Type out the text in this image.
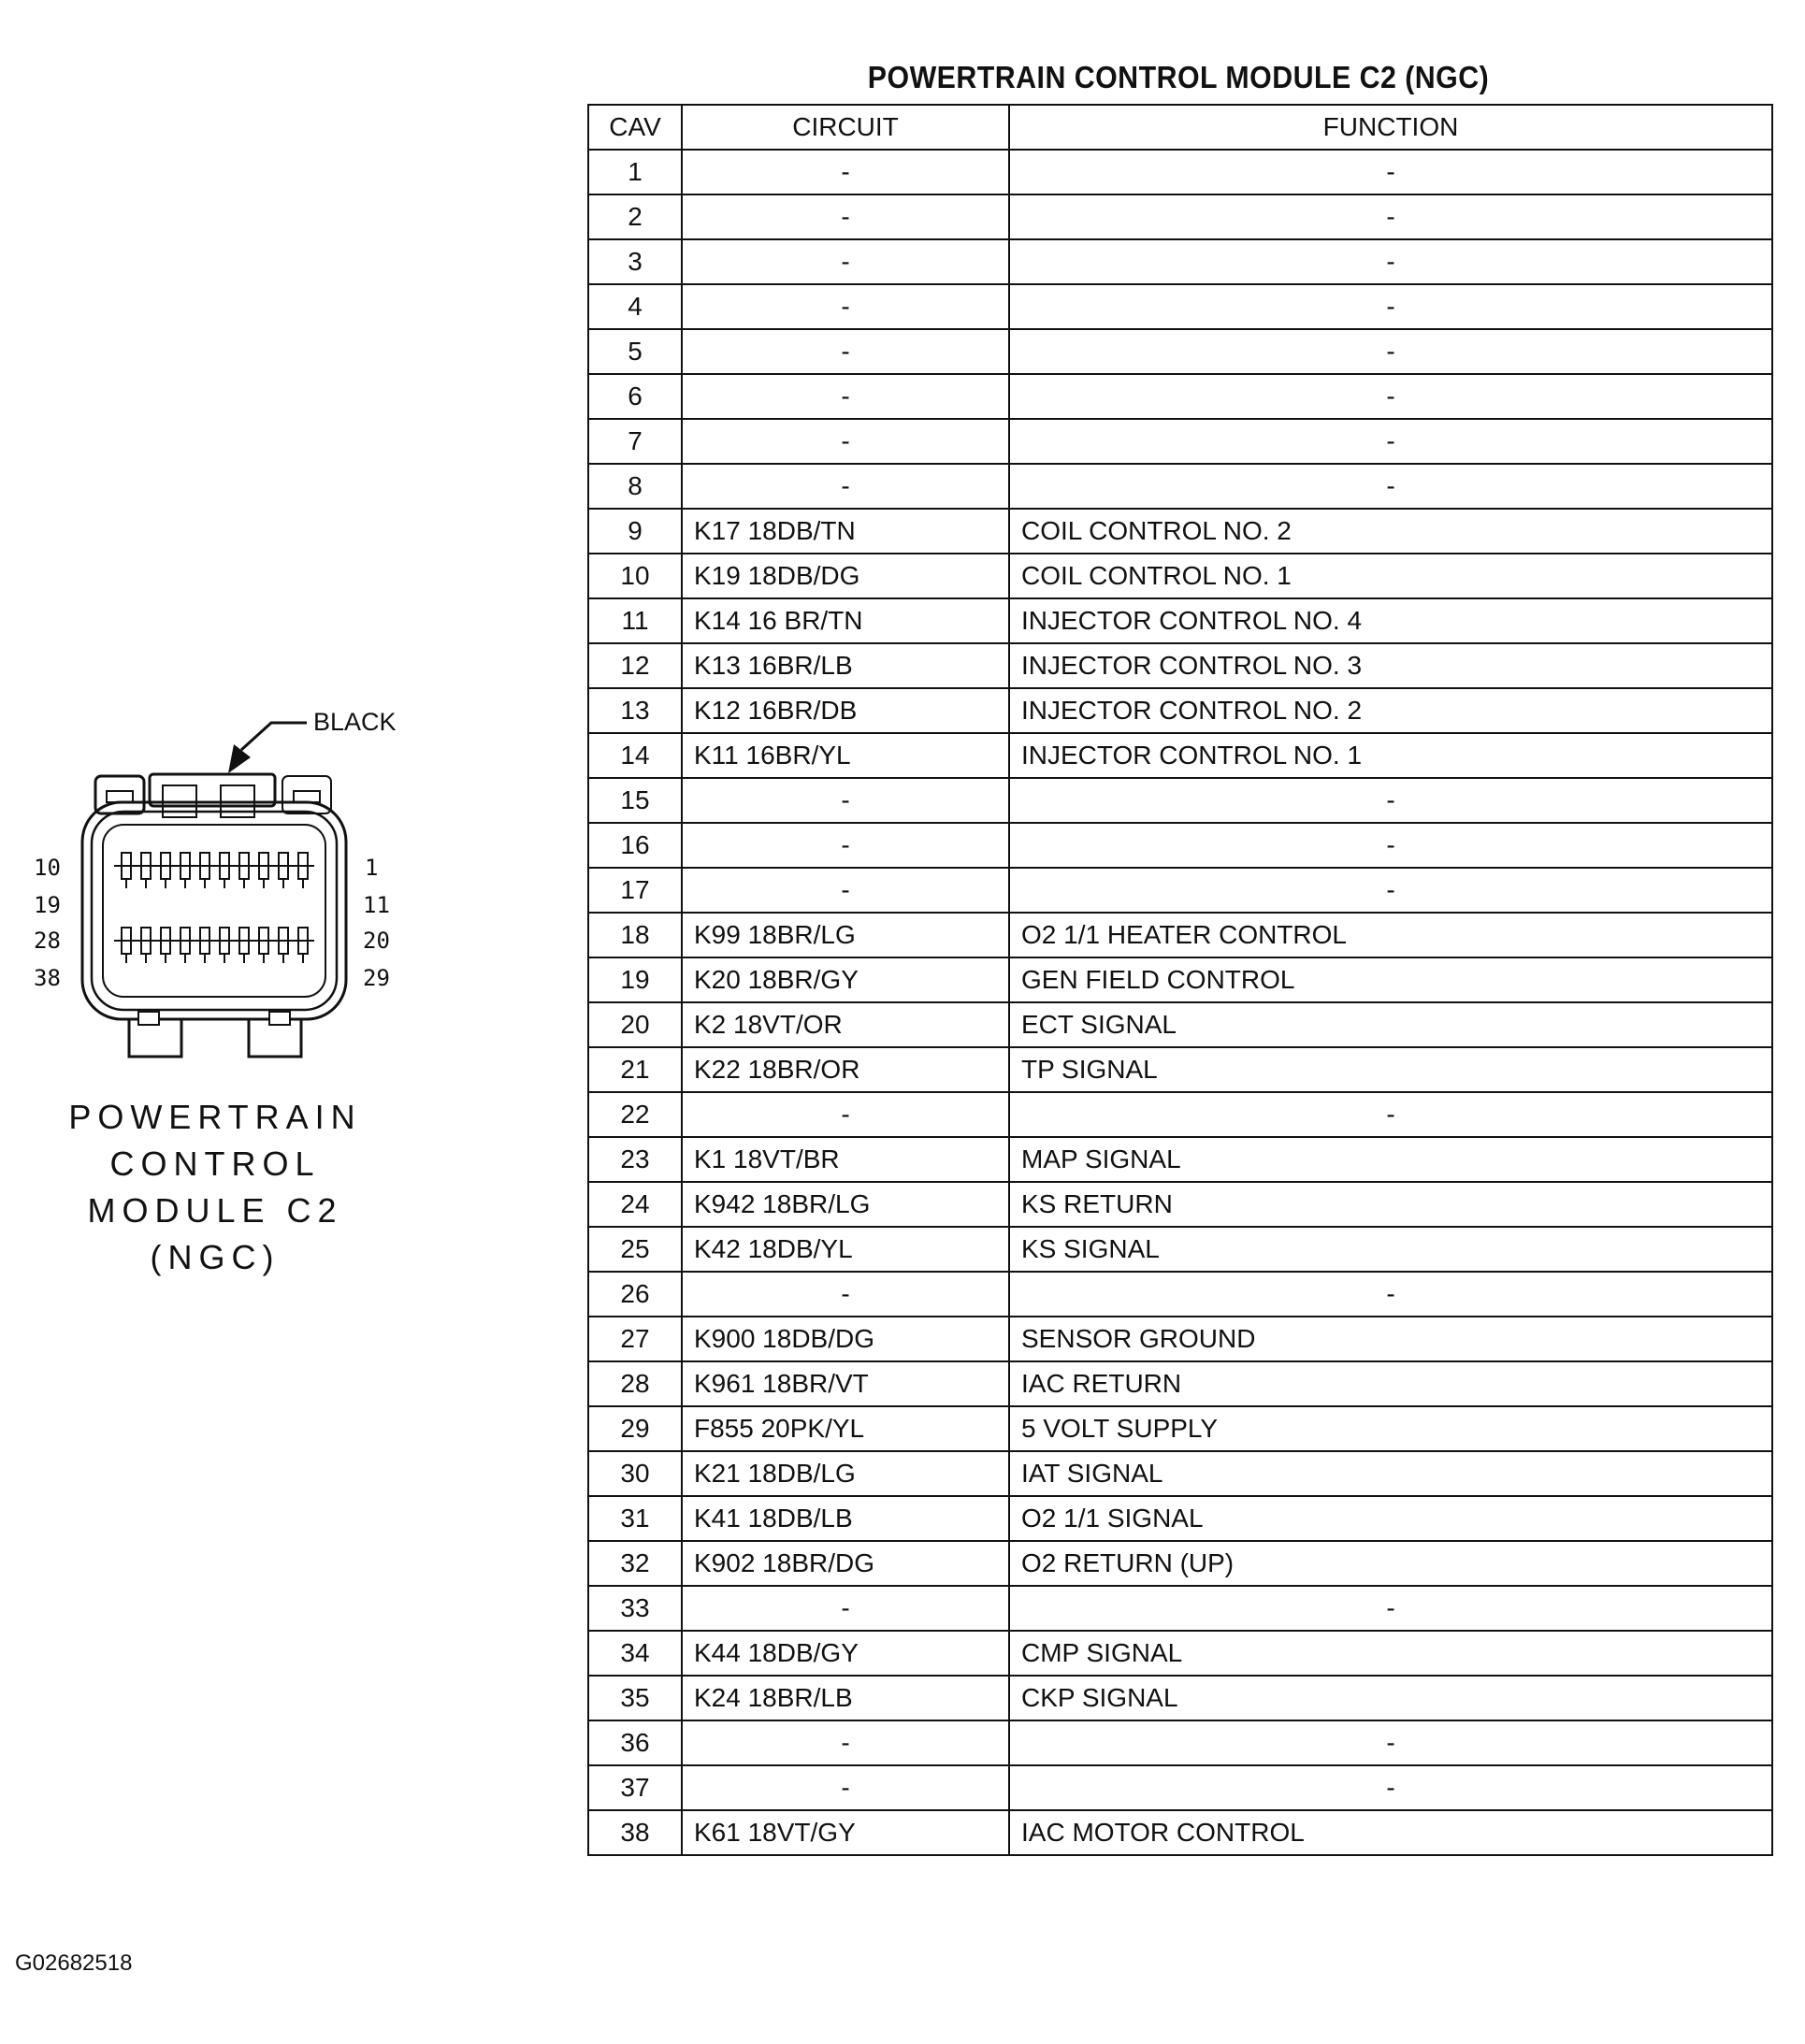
BLACK
10
19
28
38
1
11
20
29
POWERTRAIN
CONTROL
MODULE C2
(NGC)
POWERTRAIN CONTROL MODULE C2 (NGC)
CAV	CIRCUIT	FUNCTION
1	-	-
2	-	-
3	-	-
4	-	-
5	-	-
6	-	-
7	-	-
8	-	-
9	K17 18DB/TN	COIL CONTROL NO. 2
10	K19 18DB/DG	COIL CONTROL NO. 1
11	K14 16 BR/TN	INJECTOR CONTROL NO. 4
12	K13 16BR/LB	INJECTOR CONTROL NO. 3
13	K12 16BR/DB	INJECTOR CONTROL NO. 2
14	K11 16BR/YL	INJECTOR CONTROL NO. 1
15	-	-
16	-	-
17	-	-
18	K99 18BR/LG	O2 1/1 HEATER CONTROL
19	K20 18BR/GY	GEN FIELD CONTROL
20	K2 18VT/OR	ECT SIGNAL
21	K22 18BR/OR	TP SIGNAL
22	-	-
23	K1 18VT/BR	MAP SIGNAL
24	K942 18BR/LG	KS RETURN
25	K42 18DB/YL	KS SIGNAL
26	-	-
27	K900 18DB/DG	SENSOR GROUND
28	K961 18BR/VT	IAC RETURN
29	F855 20PK/YL	5 VOLT SUPPLY
30	K21 18DB/LG	IAT SIGNAL
31	K41 18DB/LB	O2 1/1 SIGNAL
32	K902 18BR/DG	O2 RETURN (UP)
33	-	-
34	K44 18DB/GY	CMP SIGNAL
35	K24 18BR/LB	CKP SIGNAL
36	-	-
37	-	-
38	K61 18VT/GY	IAC MOTOR CONTROL
G02682518
